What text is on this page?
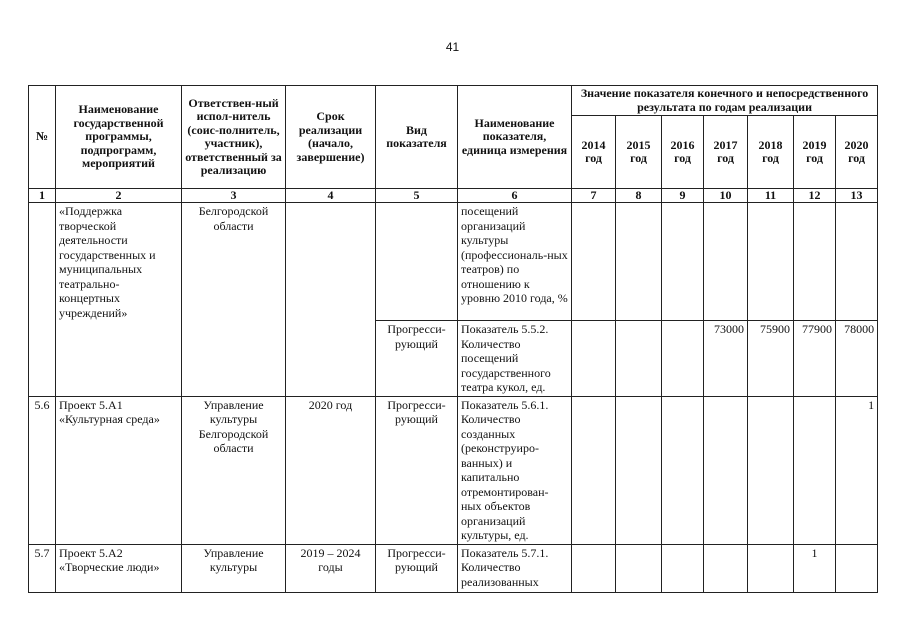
41
№	Наименование государственной программы, подпрограмм, мероприятий	Ответствен-ный испол-нитель (соис-полнитель, участник), ответственный за реализацию	Срок реализации (начало, завершение)	Вид показателя	Наименование показателя, единица измерения	Значение показателя конечного и непосредственного результата по годам реализации						
						2014 год	2015 год	2016 год	2017 год	2018 год	2019 год	2020 год
1	2	3	4	5	6	7	8	9	10	11	12	13
	«Поддержка творческой деятельности государственных и муниципальных театрально-концертных учреждений»	Белгородской области			посещений организаций культуры (профессиональ-ных театров) по отношению к уровню 2010 года, %							
				Прогресси-рующий	Показатель 5.5.2. Количество посещений государственного театра кукол, ед.				73000	75900	77900	78000
5.6	Проект 5.А1 «Культурная среда»	Управление культуры Белгородской области	2020 год	Прогресси-рующий	Показатель 5.6.1. Количество созданных (реконструиро-ванных) и капитально отремонтирован-ных объектов организаций культуры, ед.							1
5.7	Проект 5.А2 «Творческие люди»	Управление культуры	2019 – 2024 годы	Прогресси-рующий	Показатель 5.7.1. Количество реализованных						1	
